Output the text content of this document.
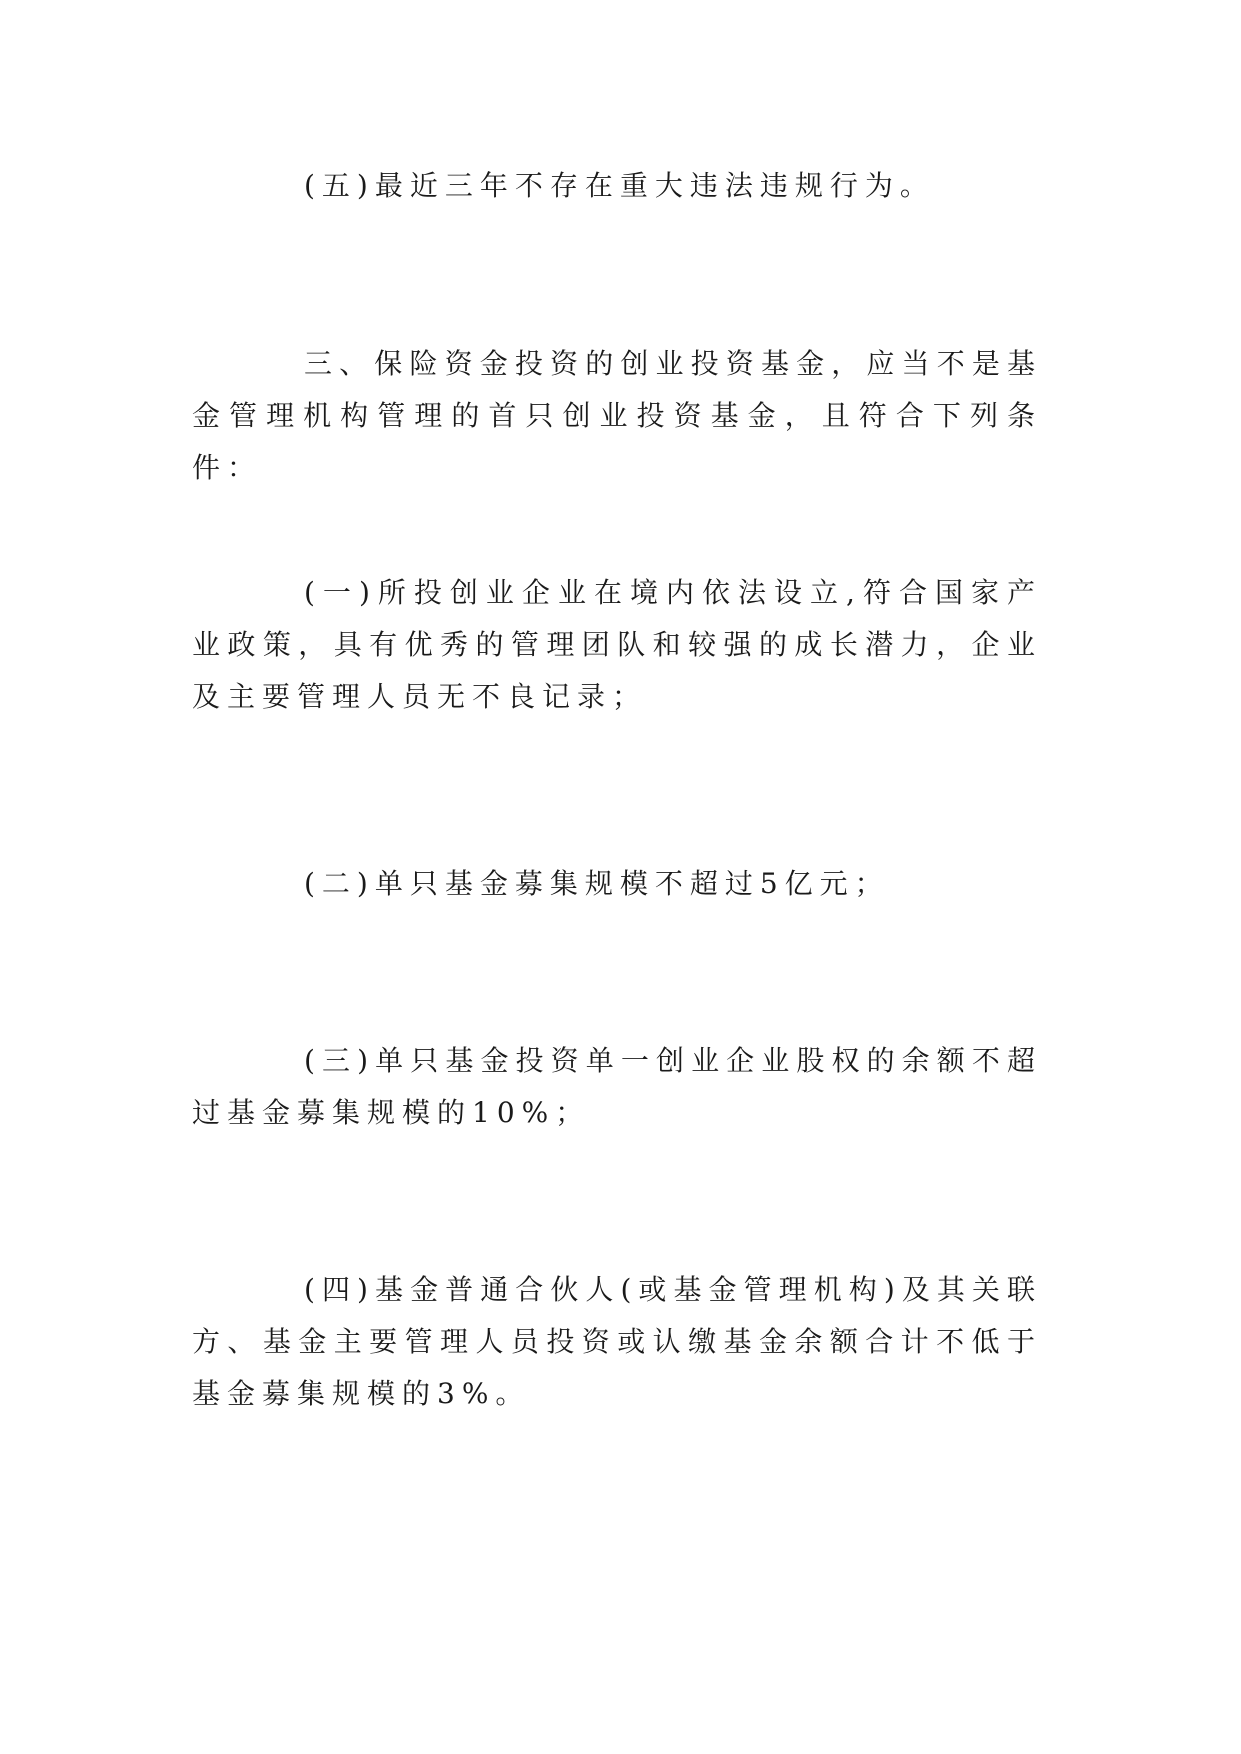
(五)最近三年不存在重大违法违规行为。

三、保险资金投资的创业投资基金，应当不是基金管理机构管理的首只创业投资基金，且符合下列条件：

(一)所投创业企业在境内依法设立,符合国家产业政策，具有优秀的管理团队和较强的成长潜力，企业及主要管理人员无不良记录；

(二)单只基金募集规模不超过5亿元；

(三)单只基金投资单一创业企业股权的余额不超过基金募集规模的10%；

(四)基金普通合伙人(或基金管理机构)及其关联方、基金主要管理人员投资或认缴基金余额合计不低于基金募集规模的3%。
